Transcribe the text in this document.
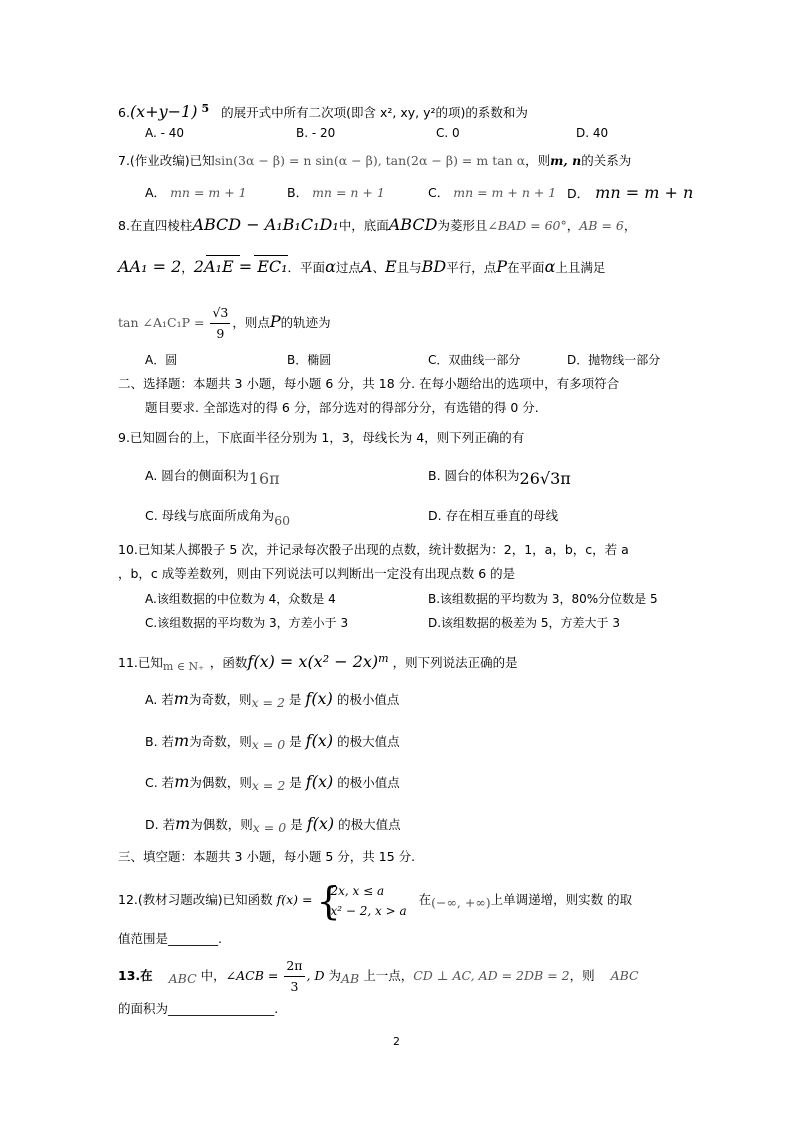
6.(x+y−1) $^5$ 的展开式中所有二次项(即含 x², xy, y²的项)的系数和为
A. - 40	B. - 20	C. 0	D. 40
7.(作业改编)已知sin(3α − β) = n sin(α − β), tan(2α − β) = m tan α，则m, n的关系为
A． mn = m + 1	B． mn = n + 1	C． mn = m + n + 1 D． mn = m + n
8.在直四棱柱ABCD − A₁B₁C₁D₁中，底面ABCD为菱形且∠BAD = 60°，AB = 6，
AA₁ = 2，2A₁E = EC₁
．平面α过点A、E且与BD平行，点P在平面α上且满足
tan ∠A₁C₁P = $\frac{√3}{9}$ ，则点P的轨迹为
A．圆	B．椭圆	C．双曲线一部分	D．抛物线一部分
二、选择题：本题共 3 小题，每小题 6 分，共 18 分. 在每小题给出的选项中，有多项符合
题目要求. 全部选对的得 6 分，部分选对的得部分分，有选错的得 0 分.
9.已知圆台的上，下底面半径分别为 1，3，母线长为 4，则下列正确的有
A. 圆台的侧面积为16π	B. 圆台的体积为26√3π
C. 母线与底面所成角为60	D. 存在相互垂直的母线
10.已知某人掷骰子 5 次，并记录每次骰子出现的点数，统计数据为：2，1，a，b，c，若 a
，b，c 成等差数列，则由下列说法可以判断出一定没有出现点数 6 的是
A.该组数据的中位数为 4，众数是 4	B.该组数据的平均数为 3，80%分位数是 5
C.该组数据的平均数为 3，方差小于 3	D.该组数据的极差为 5，方差大于 3
11.已知m ∈ N₊ ，函数$f(x) = x(x^2 - 2x)^m$ ，则下列说法正确的是
A. 若m为奇数，则x = 2 是 f(x) 的极小值点
B. 若m为奇数，则x = 0 是 f(x) 的极大值点
C. 若m为偶数，则x = 2 是 f(x) 的极小值点
D. 若m为偶数，则x = 0 是 f(x) 的极大值点
三、填空题：本题共 3 小题，每小题 5 分，共 15 分.
12.(教材习题改编)已知函数 f(x) = {
2x, x ≤ a
x² − 2, x > a
在(−∞, +∞)上单调递增，则实数 的取
值范围是________.
13.在 ABC 中，∠ACB = $\frac{2\pi}{3}$ , D 为AB 上一点，CD ⊥ AC, AD = 2DB = 2，则 ABC
的面积为_________________.
2
